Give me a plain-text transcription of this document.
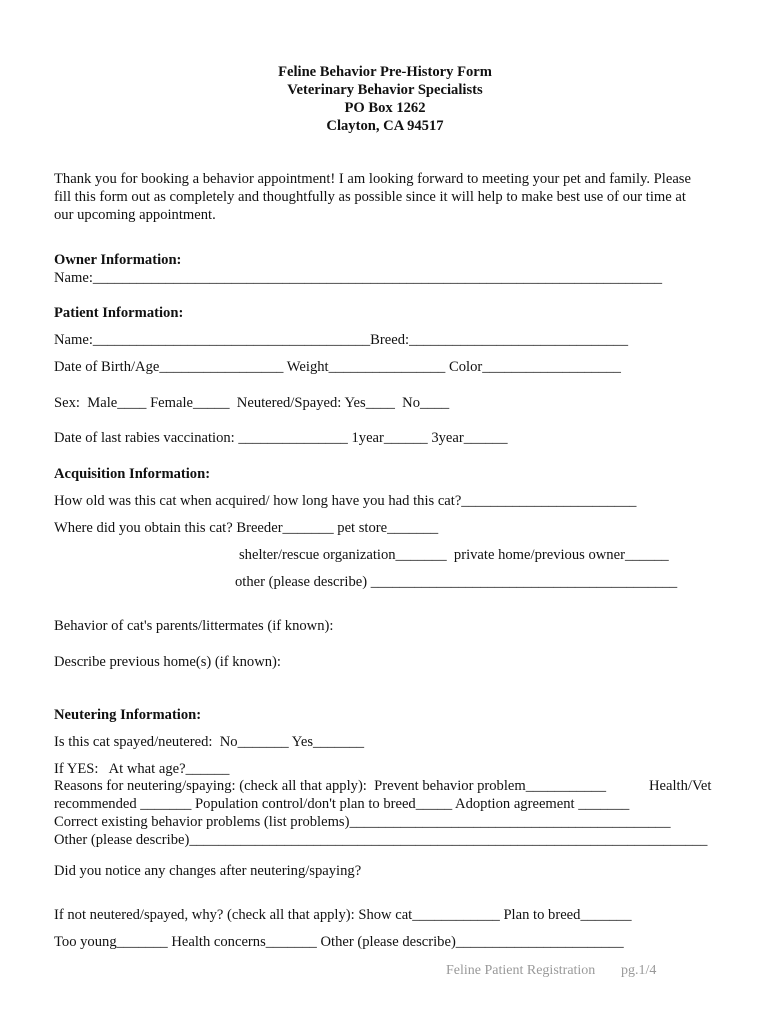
Feline Behavior Pre-History Form
Veterinary Behavior Specialists
PO Box 1262
Clayton, CA 94517
Thank you for booking a behavior appointment! I am looking forward to meeting your pet and family. Please
fill this form out as completely and thoughtfully as possible since it will help to make best use of our time at
our upcoming appointment.
Owner Information:
Name:______________________________________________________________________________
Patient Information:
Name:______________________________________Breed:______________________________
Date of Birth/Age_________________ Weight________________ Color___________________
Sex:  Male____ Female_____  Neutered/Spayed: Yes____  No____
Date of last rabies vaccination: _______________ 1year______ 3year______
Acquisition Information:
How old was this cat when acquired/ how long have you had this cat?________________________
Where did you obtain this cat? Breeder_______ pet store_______
shelter/rescue organization_______  private home/previous owner______
other (please describe) __________________________________________
Behavior of cat's parents/littermates (if known):
Describe previous home(s) (if known):
Neutering Information:
Is this cat spayed/neutered:  No_______ Yes_______
If YES:   At what age?______
Reasons for neutering/spaying: (check all that apply):  Prevent behavior problem___________	Health/Vet
recommended _______ Population control/don't plan to breed_____ Adoption agreement _______
Correct existing behavior problems (list problems)____________________________________________
Other (please describe)_______________________________________________________________________
Did you notice any changes after neutering/spaying?
If not neutered/spayed, why? (check all that apply): Show cat____________ Plan to breed_______
Too young_______ Health concerns_______ Other (please describe)_______________________
Feline Patient Registration pg.1/4
